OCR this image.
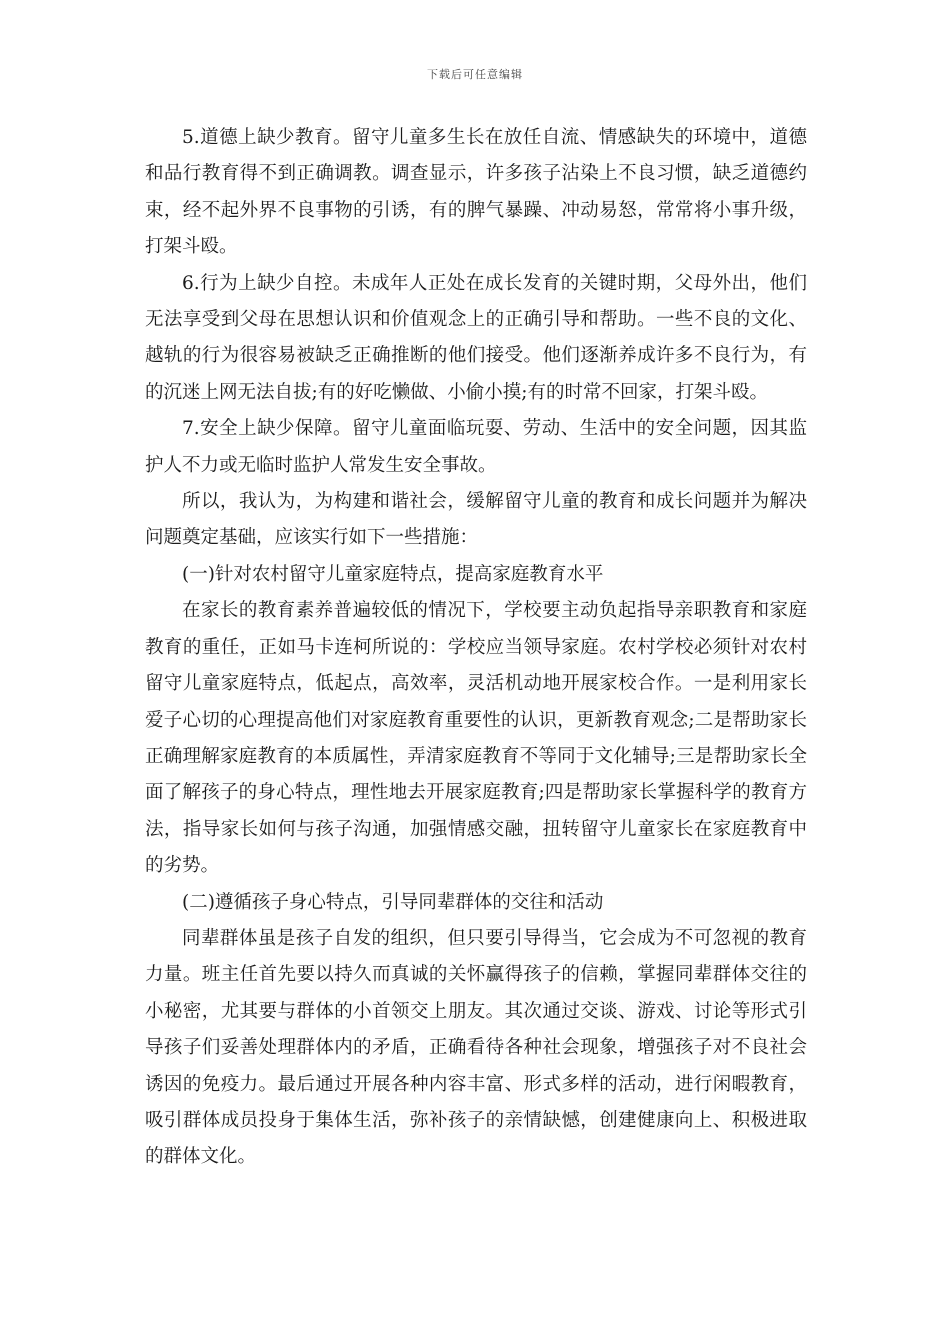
下载后可任意编辑

5.道德上缺少教育。留守儿童多生长在放任自流、情感缺失的环境中，道德和品行教育得不到正确调教。调查显示，许多孩子沾染上不良习惯，缺乏道德约束，经不起外界不良事物的引诱，有的脾气暴躁、冲动易怒，常常将小事升级，打架斗殴。

6.行为上缺少自控。未成年人正处在成长发育的关键时期，父母外出，他们无法享受到父母在思想认识和价值观念上的正确引导和帮助。一些不良的文化、越轨的行为很容易被缺乏正确推断的他们接受。他们逐渐养成许多不良行为，有的沉迷上网无法自拔;有的好吃懒做、小偷小摸;有的时常不回家，打架斗殴。

7.安全上缺少保障。留守儿童面临玩耍、劳动、生活中的安全问题，因其监护人不力或无临时监护人常发生安全事故。

所以，我认为，为构建和谐社会，缓解留守儿童的教育和成长问题并为解决问题奠定基础，应该实行如下一些措施：

(一)针对农村留守儿童家庭特点，提高家庭教育水平

在家长的教育素养普遍较低的情况下，学校要主动负起指导亲职教育和家庭教育的重任，正如马卡连柯所说的：学校应当领导家庭。农村学校必须针对农村留守儿童家庭特点，低起点，高效率，灵活机动地开展家校合作。一是利用家长爱子心切的心理提高他们对家庭教育重要性的认识，更新教育观念;二是帮助家长正确理解家庭教育的本质属性，弄清家庭教育不等同于文化辅导;三是帮助家长全面了解孩子的身心特点，理性地去开展家庭教育;四是帮助家长掌握科学的教育方法，指导家长如何与孩子沟通，加强情感交融，扭转留守儿童家长在家庭教育中的劣势。

(二)遵循孩子身心特点，引导同辈群体的交往和活动

同辈群体虽是孩子自发的组织，但只要引导得当，它会成为不可忽视的教育力量。班主任首先要以持久而真诚的关怀赢得孩子的信赖，掌握同辈群体交往的小秘密，尤其要与群体的小首领交上朋友。其次通过交谈、游戏、讨论等形式引导孩子们妥善处理群体内的矛盾，正确看待各种社会现象，增强孩子对不良社会诱因的免疫力。最后通过开展各种内容丰富、形式多样的活动，进行闲暇教育，吸引群体成员投身于集体生活，弥补孩子的亲情缺憾，创建健康向上、积极进取的群体文化。
